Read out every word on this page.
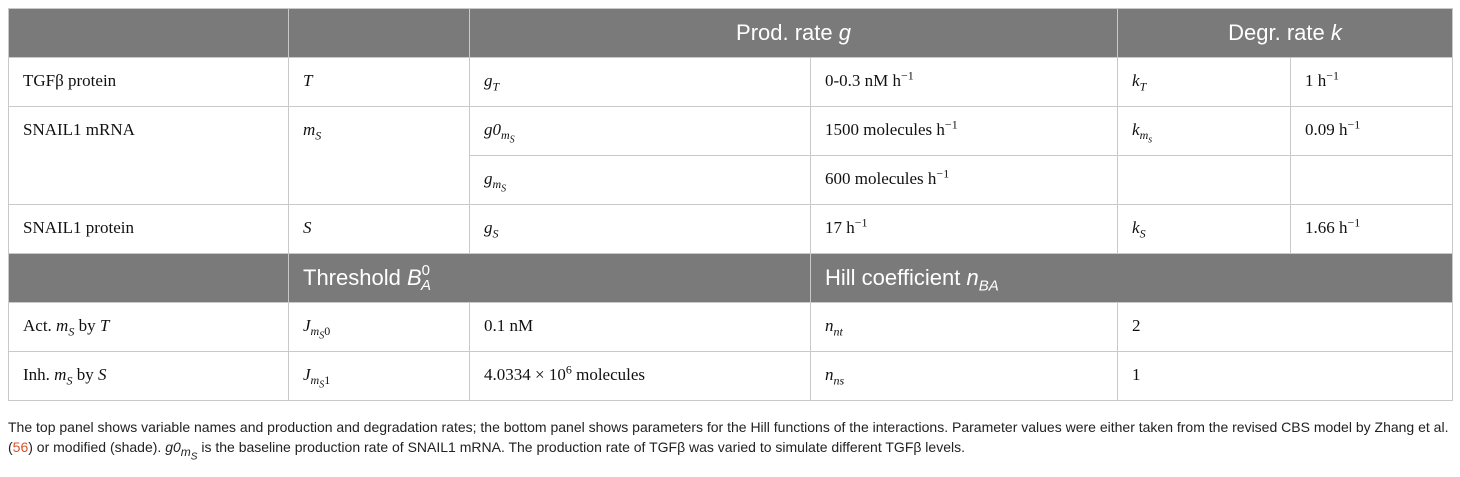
		Prod. rate g		Degr. rate k	
TGFβ protein	T	$g_T$	0-0.3 nM $h^{-1}$	$k_T$	1 $h^{-1}$
SNAIL1 mRNA	$m_S$	$g0_{m_S}$	1500 molecules $h^{-1}$	$k_{m_s}$	0.09 $h^{-1}$
		$g_{m_S}$	600 molecules $h^{-1}$		
SNAIL1 protein	S	$g_S$	17 $h^{-1}$	$k_S$	1.66 $h^{-1}$
	Threshold $B^0_A$		Hill coefficient $n_{BA}$
Act. $m_S$ by T	$J_{m_S0}$	0.1 nM	$n_{nt}$	2	
Inh. $m_S$ by S	$J_{m_S1}$	$4.0334 \times 10^6$ molecules	$n_{ns}$	1	
The top panel shows variable names and production and degradation rates; the bottom panel shows parameters for the Hill functions of the interactions. Parameter values were either taken from the revised CBS model by Zhang et al. (56) or modified (shade). $g0_{m_S}$ is the baseline production rate of SNAIL1 mRNA. The production rate of TGFβ was varied to simulate different TGFβ levels.
